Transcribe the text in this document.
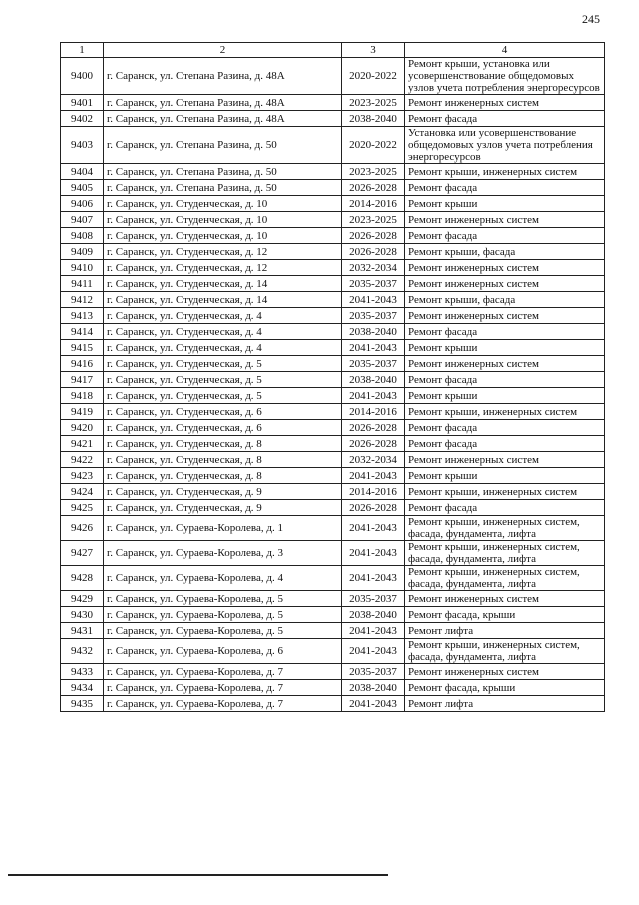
245
1	2	3	4
9400	г. Саранск, ул. Степана Разина, д. 48А	2020-2022	Ремонт крыши, установка или усовершенствование общедомовых узлов учета потребления энергоресурсов
9401	г. Саранск, ул. Степана Разина, д. 48А	2023-2025	Ремонт инженерных систем
9402	г. Саранск, ул. Степана Разина, д. 48А	2038-2040	Ремонт фасада
9403	г. Саранск, ул. Степана Разина, д. 50	2020-2022	Установка или усовершенствование общедомовых узлов учета потребления энергоресурсов
9404	г. Саранск, ул. Степана Разина, д. 50	2023-2025	Ремонт крыши, инженерных систем
9405	г. Саранск, ул. Степана Разина, д. 50	2026-2028	Ремонт фасада
9406	г. Саранск, ул. Студенческая, д. 10	2014-2016	Ремонт крыши
9407	г. Саранск, ул. Студенческая, д. 10	2023-2025	Ремонт инженерных систем
9408	г. Саранск, ул. Студенческая, д. 10	2026-2028	Ремонт фасада
9409	г. Саранск, ул. Студенческая, д. 12	2026-2028	Ремонт крыши, фасада
9410	г. Саранск, ул. Студенческая, д. 12	2032-2034	Ремонт инженерных систем
9411	г. Саранск, ул. Студенческая, д. 14	2035-2037	Ремонт инженерных систем
9412	г. Саранск, ул. Студенческая, д. 14	2041-2043	Ремонт крыши, фасада
9413	г. Саранск, ул. Студенческая, д. 4	2035-2037	Ремонт инженерных систем
9414	г. Саранск, ул. Студенческая, д. 4	2038-2040	Ремонт фасада
9415	г. Саранск, ул. Студенческая, д. 4	2041-2043	Ремонт крыши
9416	г. Саранск, ул. Студенческая, д. 5	2035-2037	Ремонт инженерных систем
9417	г. Саранск, ул. Студенческая, д. 5	2038-2040	Ремонт фасада
9418	г. Саранск, ул. Студенческая, д. 5	2041-2043	Ремонт крыши
9419	г. Саранск, ул. Студенческая, д. 6	2014-2016	Ремонт крыши, инженерных систем
9420	г. Саранск, ул. Студенческая, д. 6	2026-2028	Ремонт фасада
9421	г. Саранск, ул. Студенческая, д. 8	2026-2028	Ремонт фасада
9422	г. Саранск, ул. Студенческая, д. 8	2032-2034	Ремонт инженерных систем
9423	г. Саранск, ул. Студенческая, д. 8	2041-2043	Ремонт крыши
9424	г. Саранск, ул. Студенческая, д. 9	2014-2016	Ремонт крыши, инженерных систем
9425	г. Саранск, ул. Студенческая, д. 9	2026-2028	Ремонт фасада
9426	г. Саранск, ул. Сураева-Королева, д. 1	2041-2043	Ремонт крыши, инженерных систем, фасада, фундамента, лифта
9427	г. Саранск, ул. Сураева-Королева, д. 3	2041-2043	Ремонт крыши, инженерных систем, фасада, фундамента, лифта
9428	г. Саранск, ул. Сураева-Королева, д. 4	2041-2043	Ремонт крыши, инженерных систем, фасада, фундамента, лифта
9429	г. Саранск, ул. Сураева-Королева, д. 5	2035-2037	Ремонт инженерных систем
9430	г. Саранск, ул. Сураева-Королева, д. 5	2038-2040	Ремонт фасада, крыши
9431	г. Саранск, ул. Сураева-Королева, д. 5	2041-2043	Ремонт лифта
9432	г. Саранск, ул. Сураева-Королева, д. 6	2041-2043	Ремонт крыши, инженерных систем, фасада, фундамента, лифта
9433	г. Саранск, ул. Сураева-Королева, д. 7	2035-2037	Ремонт инженерных систем
9434	г. Саранск, ул. Сураева-Королева, д. 7	2038-2040	Ремонт фасада, крыши
9435	г. Саранск, ул. Сураева-Королева, д. 7	2041-2043	Ремонт лифта
